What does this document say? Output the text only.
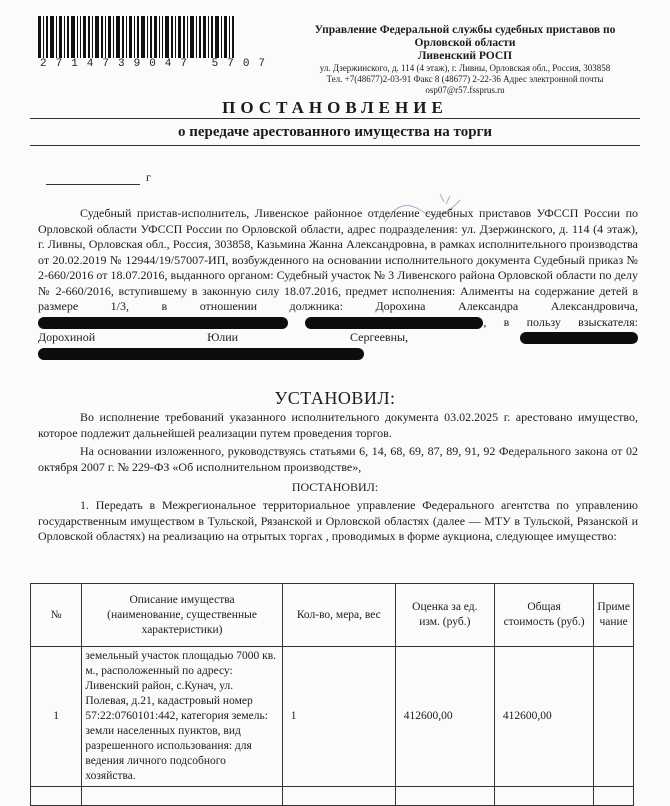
2714739047 5707
Управление Федеральной службы судебных приставов по
Орловской области
Ливенский РОСП
ул. Дзержинского, д. 114 (4 этаж), г. Ливны, Орловская обл., Россия, 303858
Тел. +7(48677)2-03-91 Факс 8 (48677) 2-22-36 Адрес электронной почты
osp07@r57.fssprus.ru
ПОСТАНОВЛЕНИЕ
о передаче арестованного имущества на торги
г
Судебный пристав-исполнитель, Ливенское районное отделение судебных приставов УФССП России по Орловской области УФССП России по Орловской области, адрес подразделения: ул. Дзержинского, д. 114 (4 этаж), г. Ливны, Орловская обл., Россия, 303858, Казьмина Жанна Александровна, в рамках исполнительного производства от 20.02.2019 № 12944/19/57007-ИП, возбужденного на основании исполнительного документа Судебный приказ № 2-660/2016 от 18.07.2016, выданного органом: Судебный участок № 3 Ливенского района Орловской области по делу № 2-660/2016, вступившему в законную силу 18.07.2016, предмет исполнения: Алименты на содержание детей в размере 1/3, в отношении должника: Дорохина Александра Александровича,  , в пользу взыскателя: Дорохиной Юлии Сергеевны,
УСТАНОВИЛ:
Во исполнение требований указанного исполнительного документа 03.02.2025 г. арестовано имущество, которое подлежит дальнейшей реализации путем проведения торгов.
На основании изложенного, руководствуясь статьями 6, 14, 68, 69, 87, 89, 91, 92 Федерального закона от 02 октября 2007 г. № 229-ФЗ «Об исполнительном производстве»,
ПОСТАНОВИЛ:
1. Передать в Межрегиональное территориальное управление Федерального агентства по управлению государственным имуществом в Тульской, Рязанской и Орловской областях (далее — МТУ в Тульской, Рязанской и Орловской областях) на реализацию на отрытых торгах , проводимых в форме аукциона, следующее имущество:
№	Описание имущества (наименование, существенные характеристики)	Кол-во, мера, вес	Оценка за ед. изм. (руб.)	Общая стоимость (руб.)	Примечание
1	земельный участок площадью 7000 кв. м., расположенный по адресу: Ливенский район, с.Кунач, ул. Полевая, д.21, кадастровый номер 57:22:0760101:442, категория земель: земли населенных пунктов, вид разрешенного использования: для ведения личного подсобного хозяйства.	1	412600,00	412600,00	
